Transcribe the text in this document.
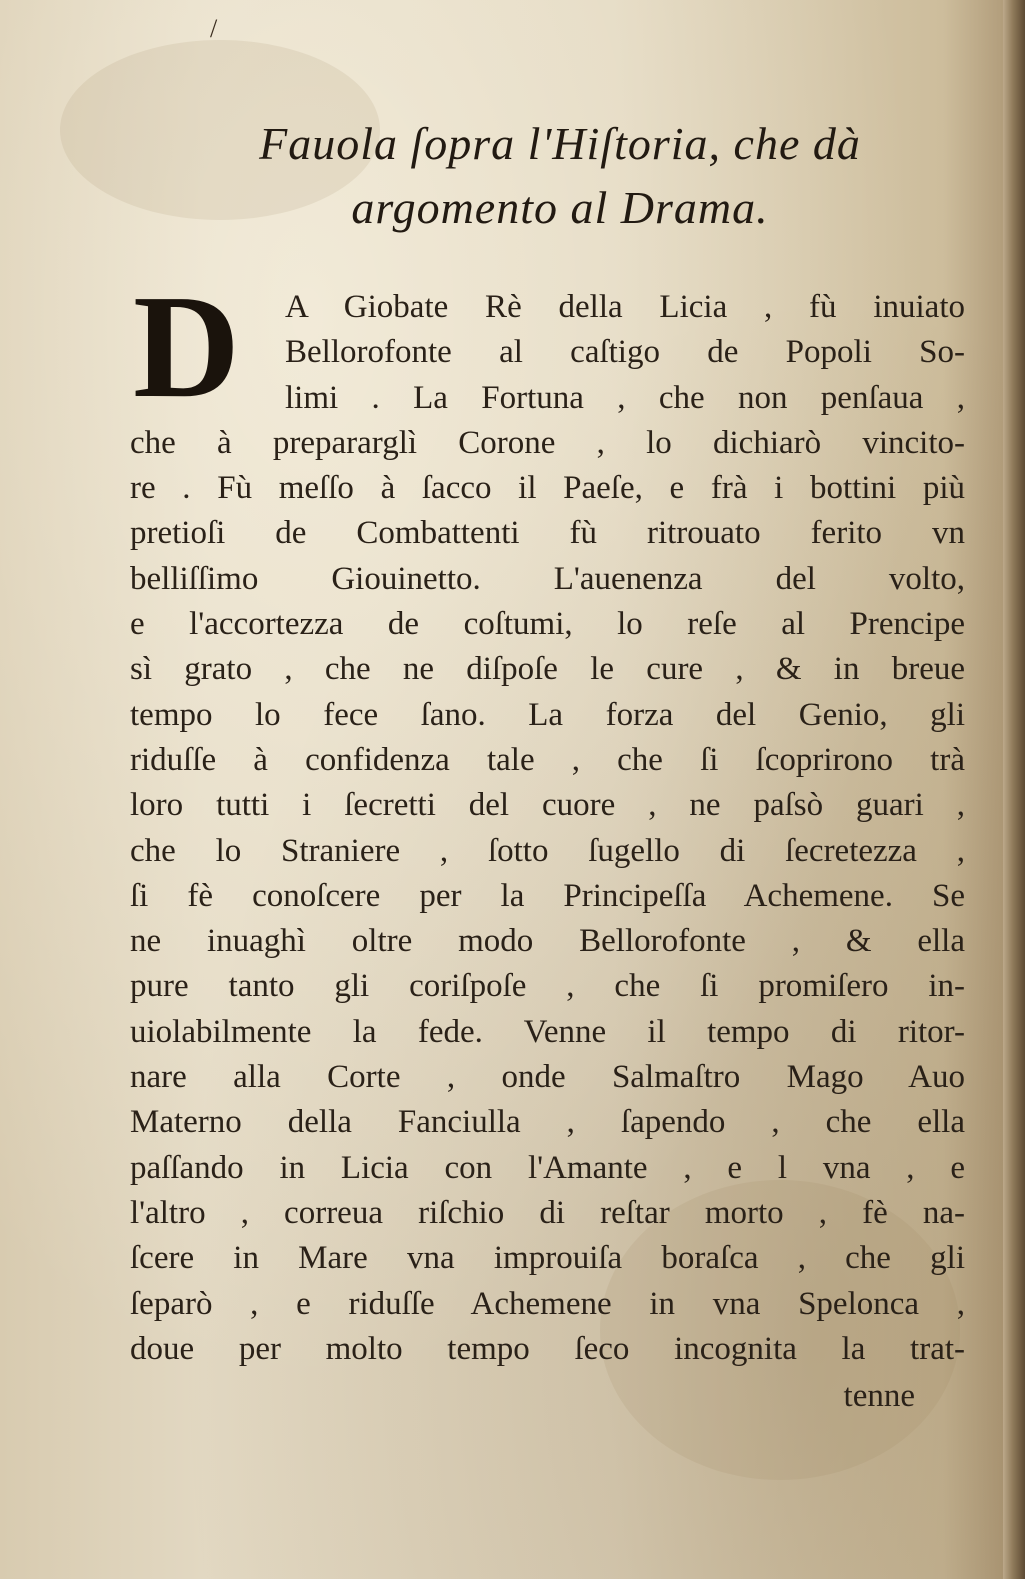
/
Fauola ſopra l'Hiſtoria, che dà
argomento al Drama.
D	A Giobate Rè della Licia , fù inuiato
Bellorofonte al caſtigo de Popoli So-
limi . La Fortuna , che non penſaua ,
che à prepararglì Corone , lo dichiarò vincito-
re . Fù meſſo à ſacco il Paeſe, e frà i bottini più
pretioſi de Combattenti fù ritrouato ferito vn
belliſſimo Giouinetto. L'auenenza del volto,
e l'accortezza de coſtumi, lo reſe al Prencipe
sì grato , che ne diſpoſe le cure , & in breue
tempo lo fece ſano. La forza del Genio, gli
riduſſe à confidenza tale , che ſi ſcoprirono trà
loro tutti i ſecretti del cuore , ne paſsò guari ,
che lo Straniere , ſotto ſugello di ſecretezza ,
ſi fè conoſcere per la Principeſſa Achemene. Se
ne inuaghì oltre modo Bellorofonte , & ella
pure tanto gli coriſpoſe , che ſi promiſero in-
uiolabilmente la fede. Venne il tempo di ritor-
nare alla Corte , onde Salmaſtro Mago Auo
Materno della Fanciulla , ſapendo , che ella
paſſando in Licia con l'Amante , e l vna , e
l'altro , correua riſchio di reſtar morto , fè na-
ſcere in Mare vna improuiſa boraſca , che gli
ſeparò , e riduſſe Achemene in vna Spelonca ,
doue per molto tempo ſeco incognita la trat-
tenne
